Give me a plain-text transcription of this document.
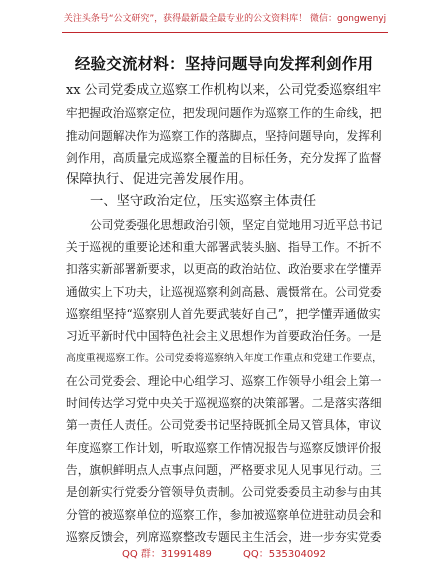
关注头条号“公文研究”，获得最新最全最专业的公文资料库！ 微信：gongwenyj
经验交流材料：坚持问题导向发挥利剑作用
xx 公司党委成立巡察工作机构以来，公司党委巡察组牢
牢把握政治巡察定位，把发现问题作为巡察工作的生命线，把
推动问题解决作为巡察工作的落脚点，坚持问题导向，发挥利
剑作用，高质量完成巡察全覆盖的目标任务，充分发挥了监督
保障执行、促进完善发展作用。
一、坚守政治定位，压实巡察主体责任
公司党委强化思想政治引领，坚定自觉地用习近平总书记
关于巡视的重要论述和重大部署武装头脑、指导工作。不折不
扣落实新部署新要求，以更高的政治站位、政治要求在学懂弄
通做实上下功夫，让巡视巡察利剑高悬、震慑常在。公司党委
巡察组坚持“巡察别人首先要武装好自己”，把学懂弄通做实
习近平新时代中国特色社会主义思想作为首要政治任务。一是
高度重视巡察工作。公司党委将巡察纳入年度工作重点和党建工作要点，
在公司党委会、理论中心组学习、巡察工作领导小组会上第一
时间传达学习党中央关于巡视巡察的决策部署。二是落实落细
第一责任人责任。公司党委书记坚持既抓全局又管具体，审议
年度巡察工作计划，听取巡察工作情况报告与巡察反馈评价报
告，旗帜鲜明点人点事点问题，严格要求见人见事见行动。三
是创新实行党委分管领导负责制。公司党委委员主动参与由其
分管的被巡察单位的巡察工作，参加被巡察单位进驻动员会和
巡察反馈会，列席巡察整改专题民主生活会，进一步夯实党委
QQ 群：31991489	QQ：535304092
